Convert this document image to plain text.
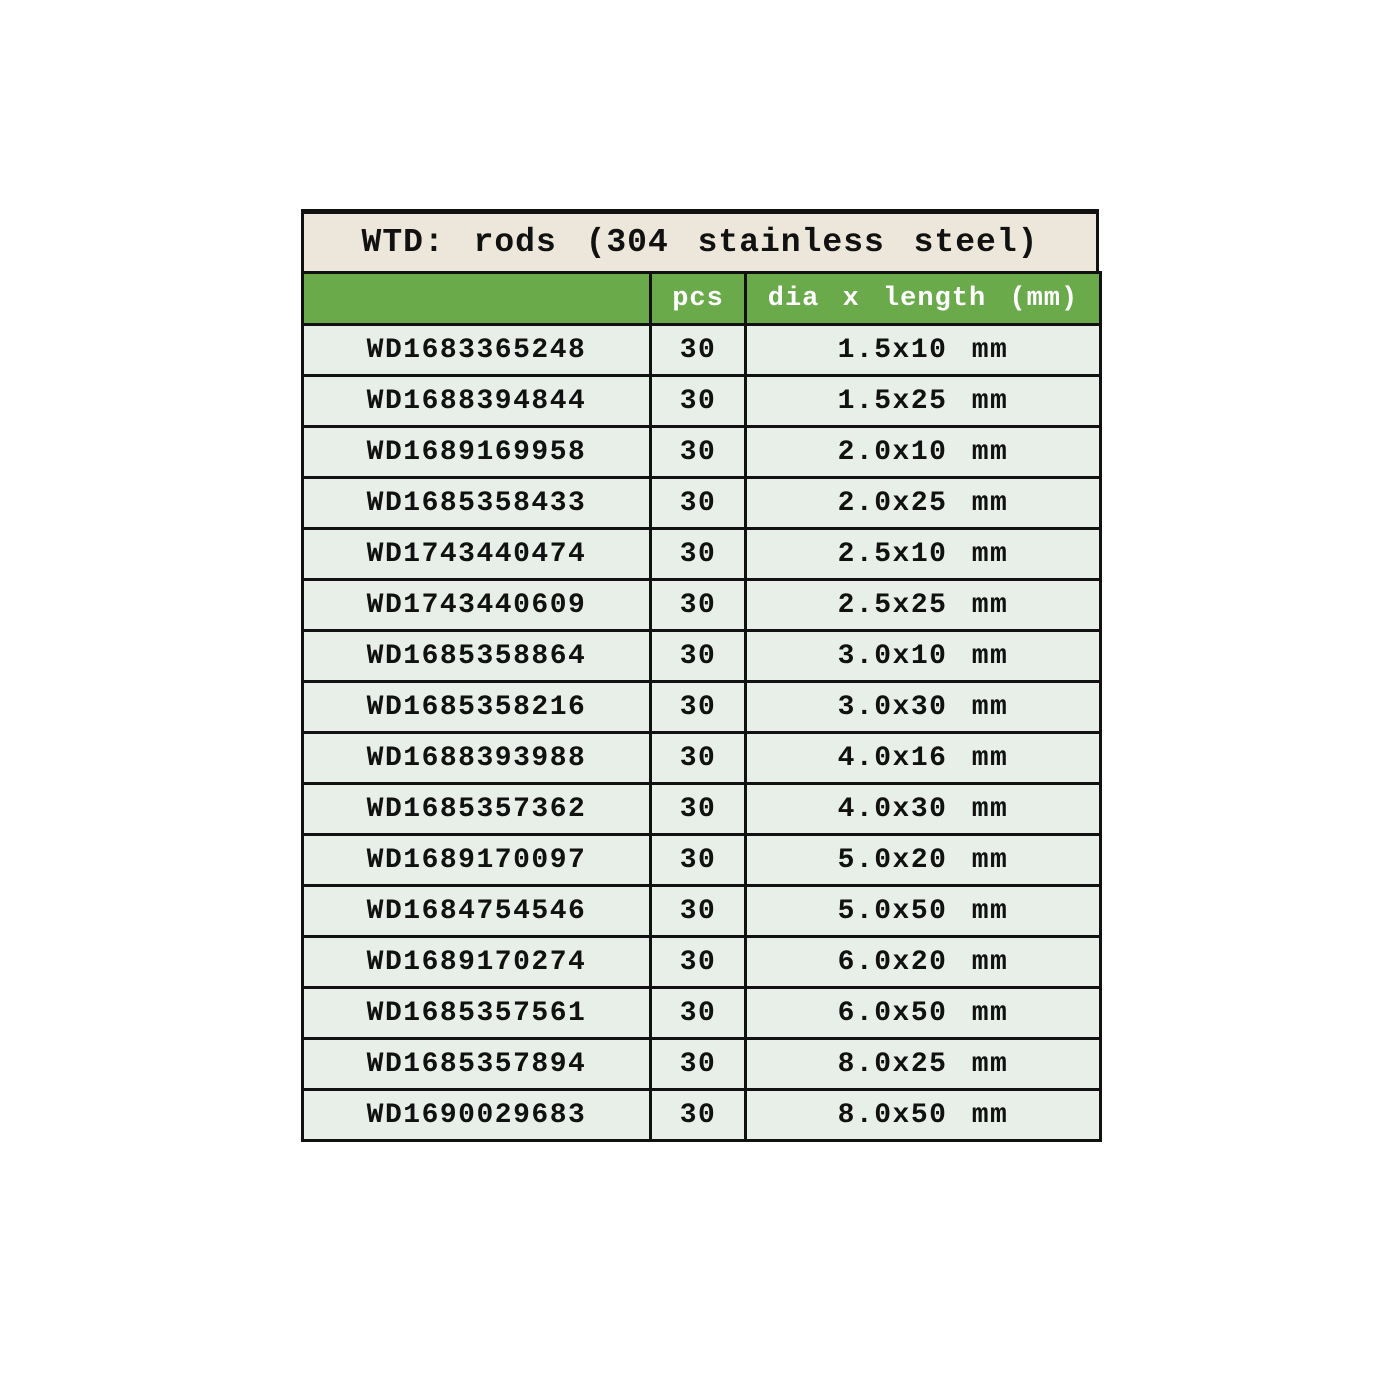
WTD: rods (304 stainless steel)
	pcs	dia x length (mm)
WD1683365248	30	1.5x10 mm
WD1688394844	30	1.5x25 mm
WD1689169958	30	2.0x10 mm
WD1685358433	30	2.0x25 mm
WD1743440474	30	2.5x10 mm
WD1743440609	30	2.5x25 mm
WD1685358864	30	3.0x10 mm
WD1685358216	30	3.0x30 mm
WD1688393988	30	4.0x16 mm
WD1685357362	30	4.0x30 mm
WD1689170097	30	5.0x20 mm
WD1684754546	30	5.0x50 mm
WD1689170274	30	6.0x20 mm
WD1685357561	30	6.0x50 mm
WD1685357894	30	8.0x25 mm
WD1690029683	30	8.0x50 mm
